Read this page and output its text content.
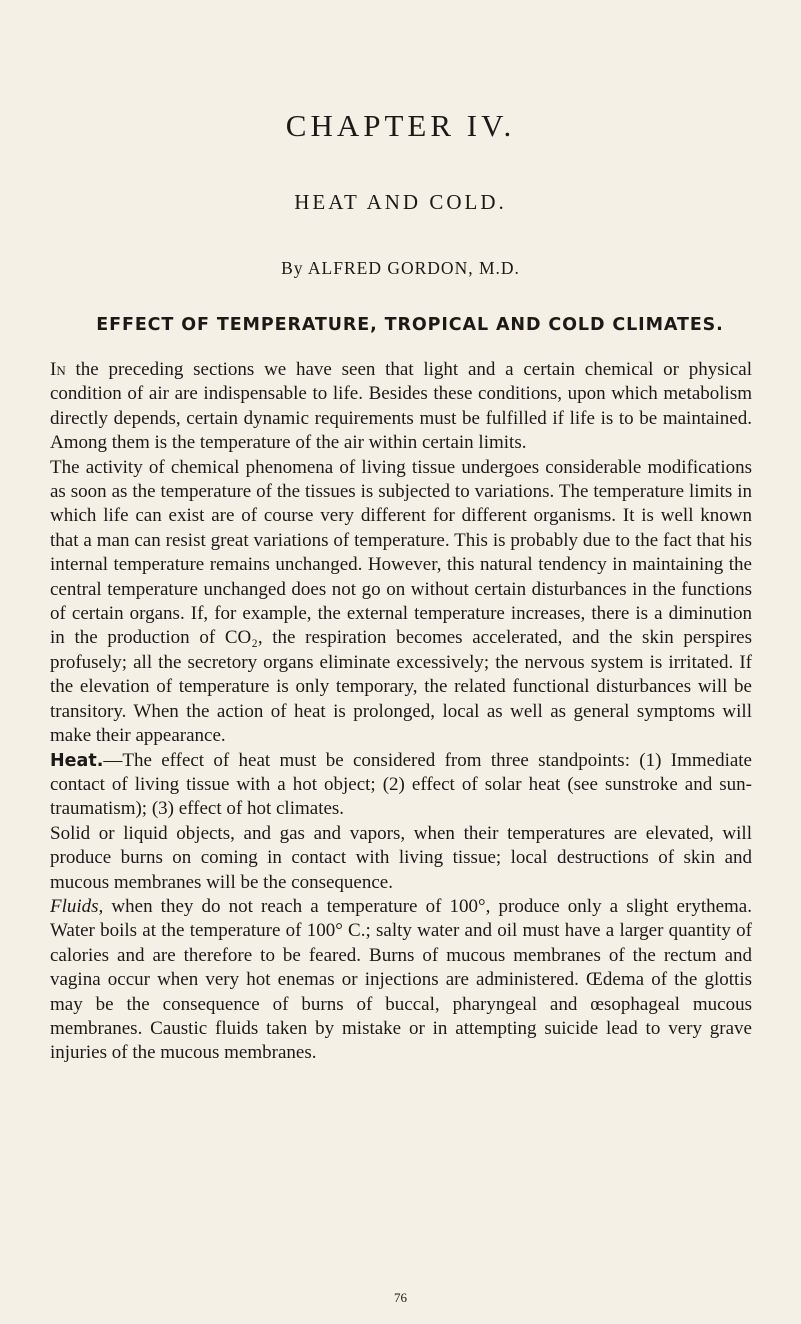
CHAPTER IV.
HEAT AND COLD.
By ALFRED GORDON, M.D.
EFFECT OF TEMPERATURE, TROPICAL AND COLD CLIMATES.

In the preceding sections we have seen that light and a certain chemical or physical condition of air are indispensable to life. Besides these conditions, upon which metabolism directly depends, certain dynamic requirements must be fulfilled if life is to be maintained. Among them is the temperature of the air within certain limits.

The activity of chemical phenomena of living tissue undergoes considerable modifications as soon as the temperature of the tissues is subjected to variations. The temperature limits in which life can exist are of course very different for different organisms. It is well known that a man can resist great variations of temperature. This is probably due to the fact that his internal temperature remains unchanged. However, this natural tendency in maintaining the central temperature unchanged does not go on without certain disturbances in the functions of certain organs. If, for example, the external temperature increases, there is a diminution in the production of CO₂, the respiration becomes accelerated, and the skin perspires profusely; all the secretory organs eliminate excessively; the nervous system is irritated. If the elevation of temperature is only temporary, the related functional disturbances will be transitory. When the action of heat is prolonged, local as well as general symptoms will make their appearance.

Heat.—The effect of heat must be considered from three standpoints: (1) Immediate contact of living tissue with a hot object; (2) effect of solar heat (see sunstroke and sun-traumatism); (3) effect of hot climates.

Solid or liquid objects, and gas and vapors, when their temperatures are elevated, will produce burns on coming in contact with living tissue; local destructions of skin and mucous membranes will be the consequence.

Fluids, when they do not reach a temperature of 100°, produce only a slight erythema. Water boils at the temperature of 100° C.; salty water and oil must have a larger quantity of calories and are therefore to be feared. Burns of mucous membranes of the rectum and vagina occur when very hot enemas or injections are administered. Œdema of the glottis may be the consequence of burns of buccal, pharyngeal and œsophageal mucous membranes. Caustic fluids taken by mistake or in attempting suicide lead to very grave injuries of the mucous membranes.

76
